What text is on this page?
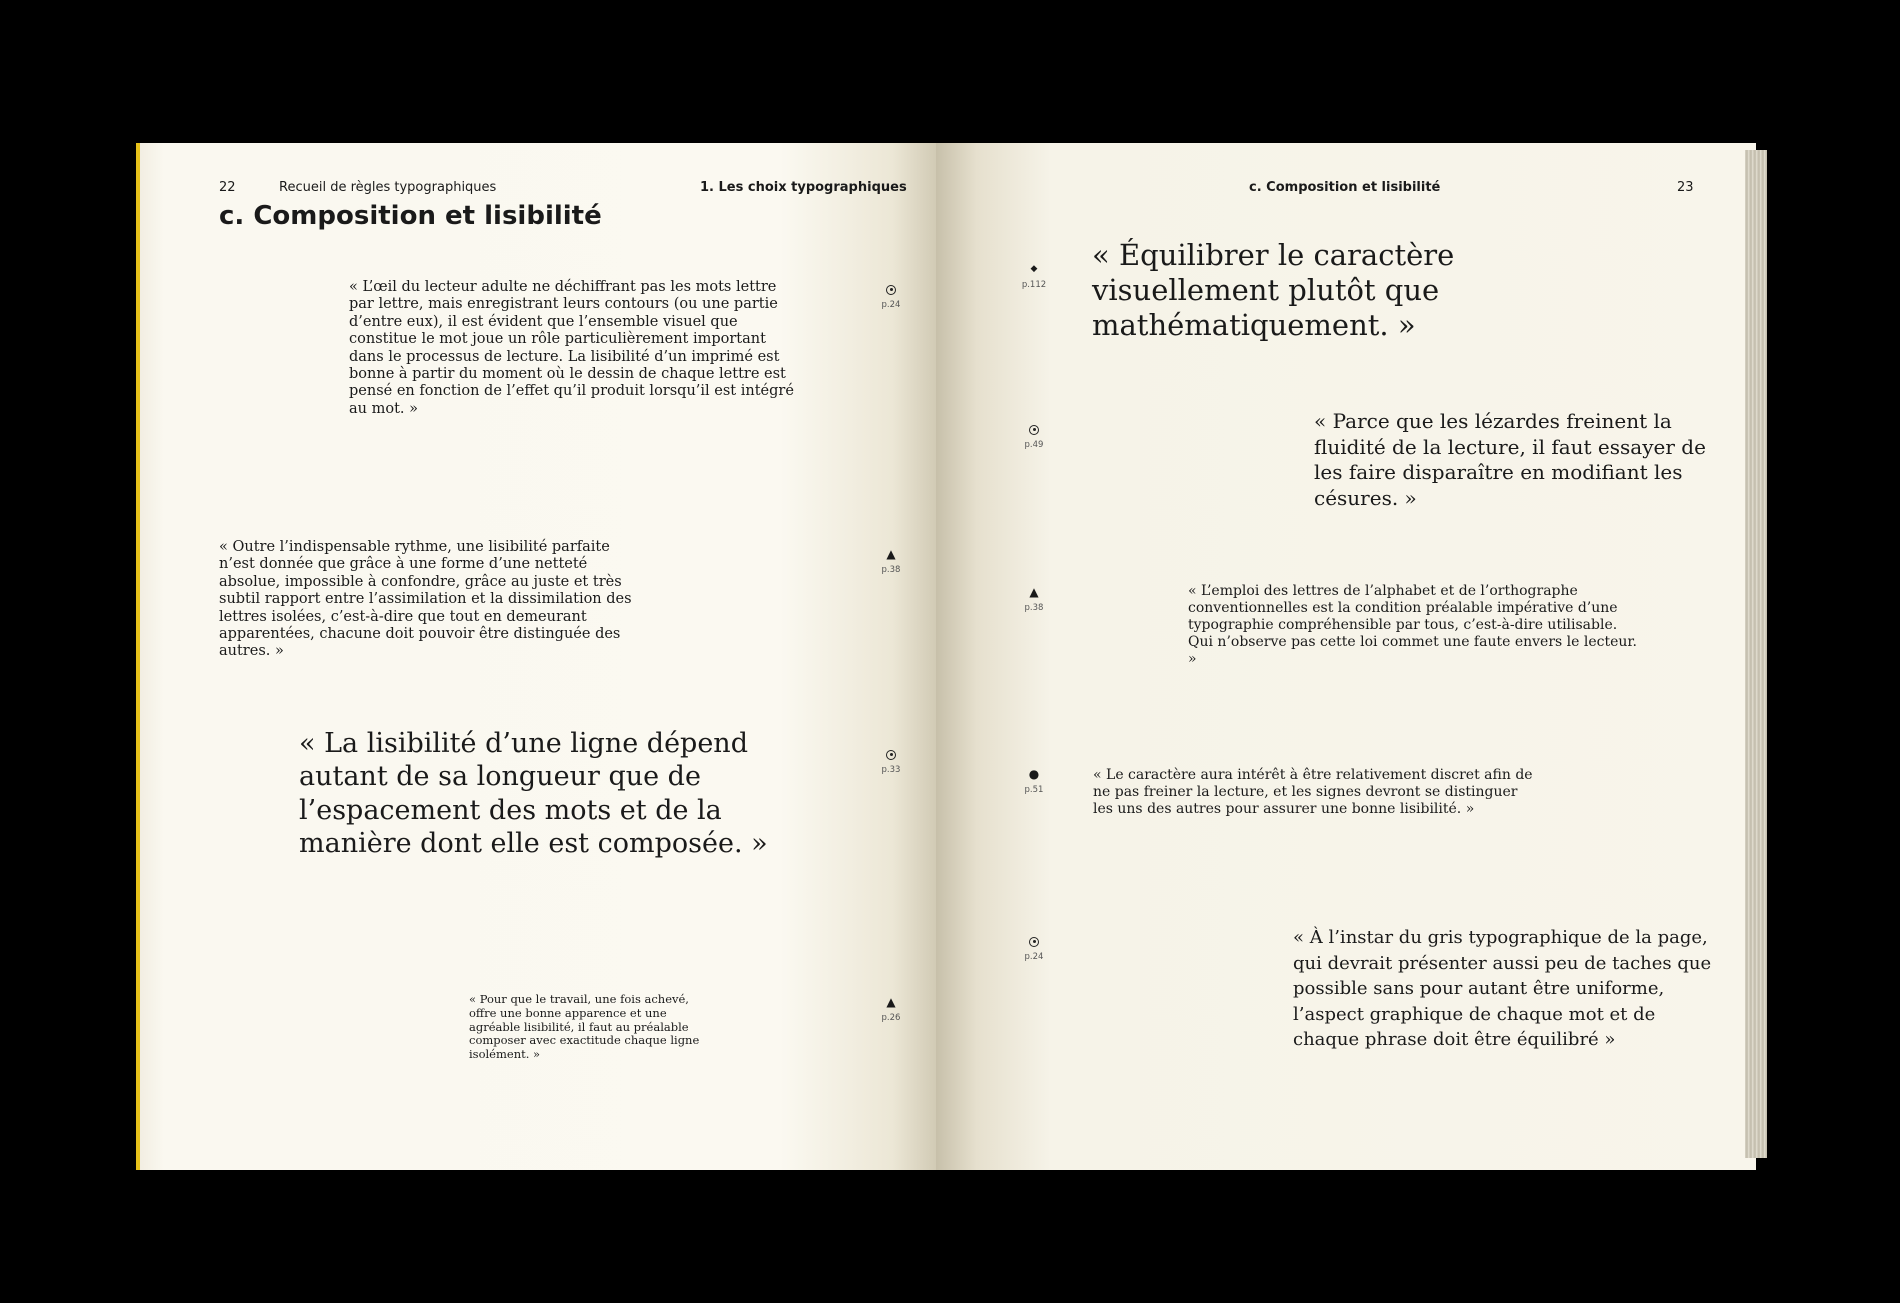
22	Recueil de règles typographiques	1. Les choix typographiques
c. Composition et lisibilité
« L’œil du lecteur adulte ne déchiffrant pas les mots lettre par lettre, mais enregistrant leurs contours (ou une partie d’entre eux), il est évident que l’ensemble visuel que constitue le mot joue un rôle particulièrement important dans le processus de lecture. La lisibilité d’un imprimé est bonne à partir du moment où le dessin de chaque lettre est pensé en fonction de l’effet qu’il produit lorsqu’il est intégré au mot. »
p.24
« Outre l’indispensable rythme, une lisibilité parfaite n’est donnée que grâce à une forme d’une netteté absolue, impossible à confondre, grâce au juste et très subtil rapport entre l’assimilation et la dissimilation des lettres isolées, c’est-à-dire que tout en demeurant apparentées, chacune doit pouvoir être distinguée des autres. »
▲
p.38
« La lisibilité d’une ligne dépend autant de sa longueur que de l’espacement des mots et de la manière dont elle est composée. »
p.33
« Pour que le travail, une fois achevé, offre une bonne apparence et une agréable lisibilité, il faut au préalable composer avec exactitude chaque ligne isolément. »
▲
p.26
c. Composition et lisibilité	23
« Équilibrer le caractère visuellement plutôt que mathématiquement. »
◆
p.112
« Parce que les lézardes freinent la fluidité de la lecture, il faut essayer de les faire disparaître en modifiant les césures. »
p.49
« L’emploi des lettres de l’alphabet et de l’orthographe conventionnelles est la condition préalable impérative d’une typographie compréhensible par tous, c’est-à-dire utilisable. Qui n’observe pas cette loi commet une faute envers le lecteur. »
▲
p.38
« Le caractère aura intérêt à être relativement discret afin de ne pas freiner la lecture, et les signes devront se distinguer les uns des autres pour assurer une bonne lisibilité. »
●
p.51
« À l’instar du gris typographique de la page, qui devrait présenter aussi peu de taches que possible sans pour autant être uniforme, l’aspect graphique de chaque mot et de chaque phrase doit être équilibré »
p.24
